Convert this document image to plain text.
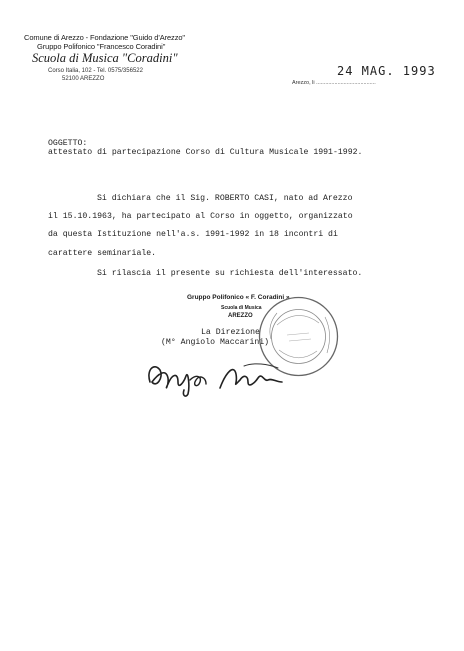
Comune di Arezzo - Fondazione "Guido d'Arezzo"
Gruppo Polifonico "Francesco Coradini"
Scuola di Musica "Coradini"
Corso Italia, 102 - Tel. 0575/356522
52100 AREZZO
24 MAG. 1993
Arezzo, li .......................................
OGGETTO:
attestato di partecipazione Corso di Cultura Musicale 1991-1992.
Si dichiara che il Sig. ROBERTO CASI, nato ad Arezzo
il 15.10.1963, ha partecipato al Corso in oggetto, organizzato
da questa Istituzione nell'a.s. 1991-1992 in 18 incontri di
carattere seminariale.
Si rilascia il presente su richiesta dell'interessato.
Gruppo Polifonico « F. Coradini »
Scuola di Musica
AREZZO
La Direzione
(M° Angiolo Maccarini)
